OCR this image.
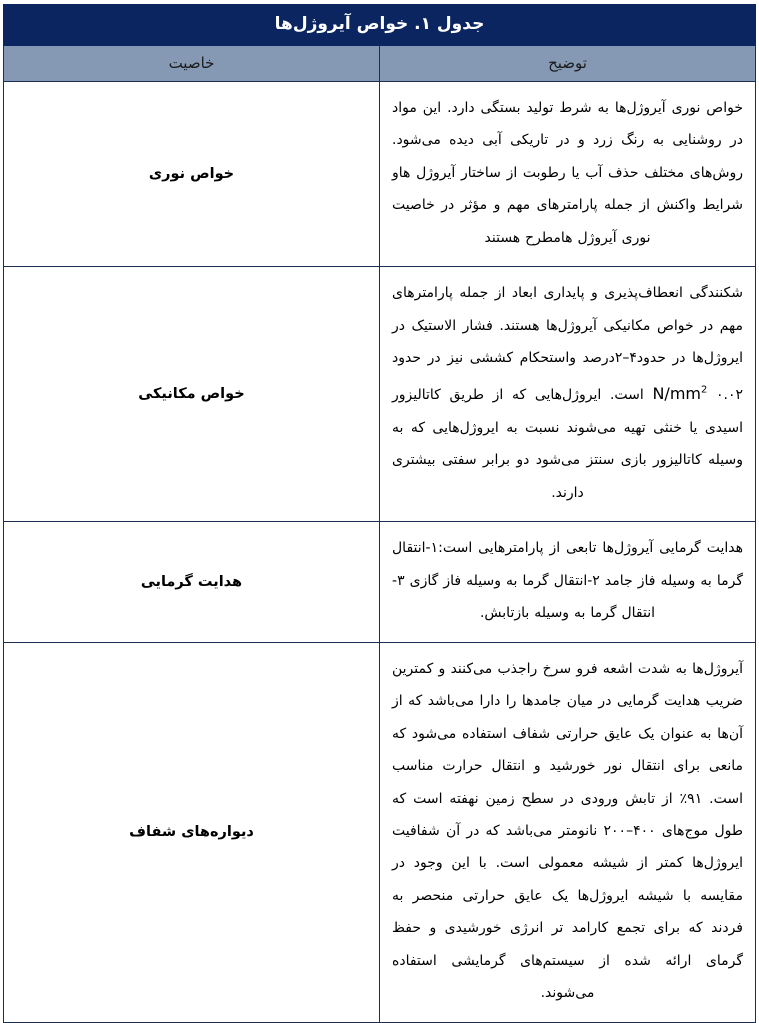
جدول ۱. خواص آیروژل‌ها	
توضیح	خاصیت

خواص نوری آیروژل‌ها به شرط تولید بستگی دارد. این مواد در روشنایی به رنگ زرد و در تاریکی آبی دیده می‌شود. روش‌های مختلف حذف آب یا رطوبت از ساختار آیروژل هاو شرایط واکنش از جمله پارامترهای مهم و مؤثر در خاصیت نوری آیروژل هامطرح هستند	خواص نوری

شکنندگی انعطاف‌پذیری و پایداری ابعاد از جمله پارامترهای مهم در خواص مکانیکی آیروژل‌ها هستند. فشار الاستیک در ایروژل‌ها در حدود۴–۲درصد واستحکام کششی نیز در حدود ۰.۰۲ $N/mm^2$ است. ایروژل‌هایی که از طریق کاتالیزور اسیدی یا خنثی تهیه می‌شوند نسبت به ایروژل‌هایی که به وسیله کاتالیزور بازی سنتز می‌شود دو برابر سفتی بیشتری دارند.	خواص مکانیکی

هدایت گرمایی آیروژل‌ها تابعی از پارامترهایی است:۱-انتقال گرما به وسیله فاز جامد ۲-انتقال گرما به وسیله فاز گازی ۳-انتقال گرما به وسیله بازتابش.	هدایت گرمایی

آیروژل‌ها به شدت اشعه فرو سرخ راجذب می‌کنند و کمترین ضریب هدایت گرمایی در میان جامدها را دارا می‌باشد که از آن‌ها به عنوان یک عایق حرارتی شفاف استفاده می‌شود که مانعی برای انتقال نور خورشید و انتقال حرارت مناسب است. ۹۱٪ از تابش ورودی در سطح زمین نهفته است که طول موج‌های ۴۰۰–۲۰۰ نانومتر می‌باشد که در آن شفافیت ایروژل‌ها کمتر از شیشه معمولی است. با این وجود در مقایسه با شیشه ایروژل‌ها یک عایق حرارتی منحصر به فردند که برای تجمع کارامد تر انرژی خورشیدی و حفظ گرمای ارائه شده از سیستم‌های گرمایشی استفاده می‌شوند.	دیواره‌های شفاف
